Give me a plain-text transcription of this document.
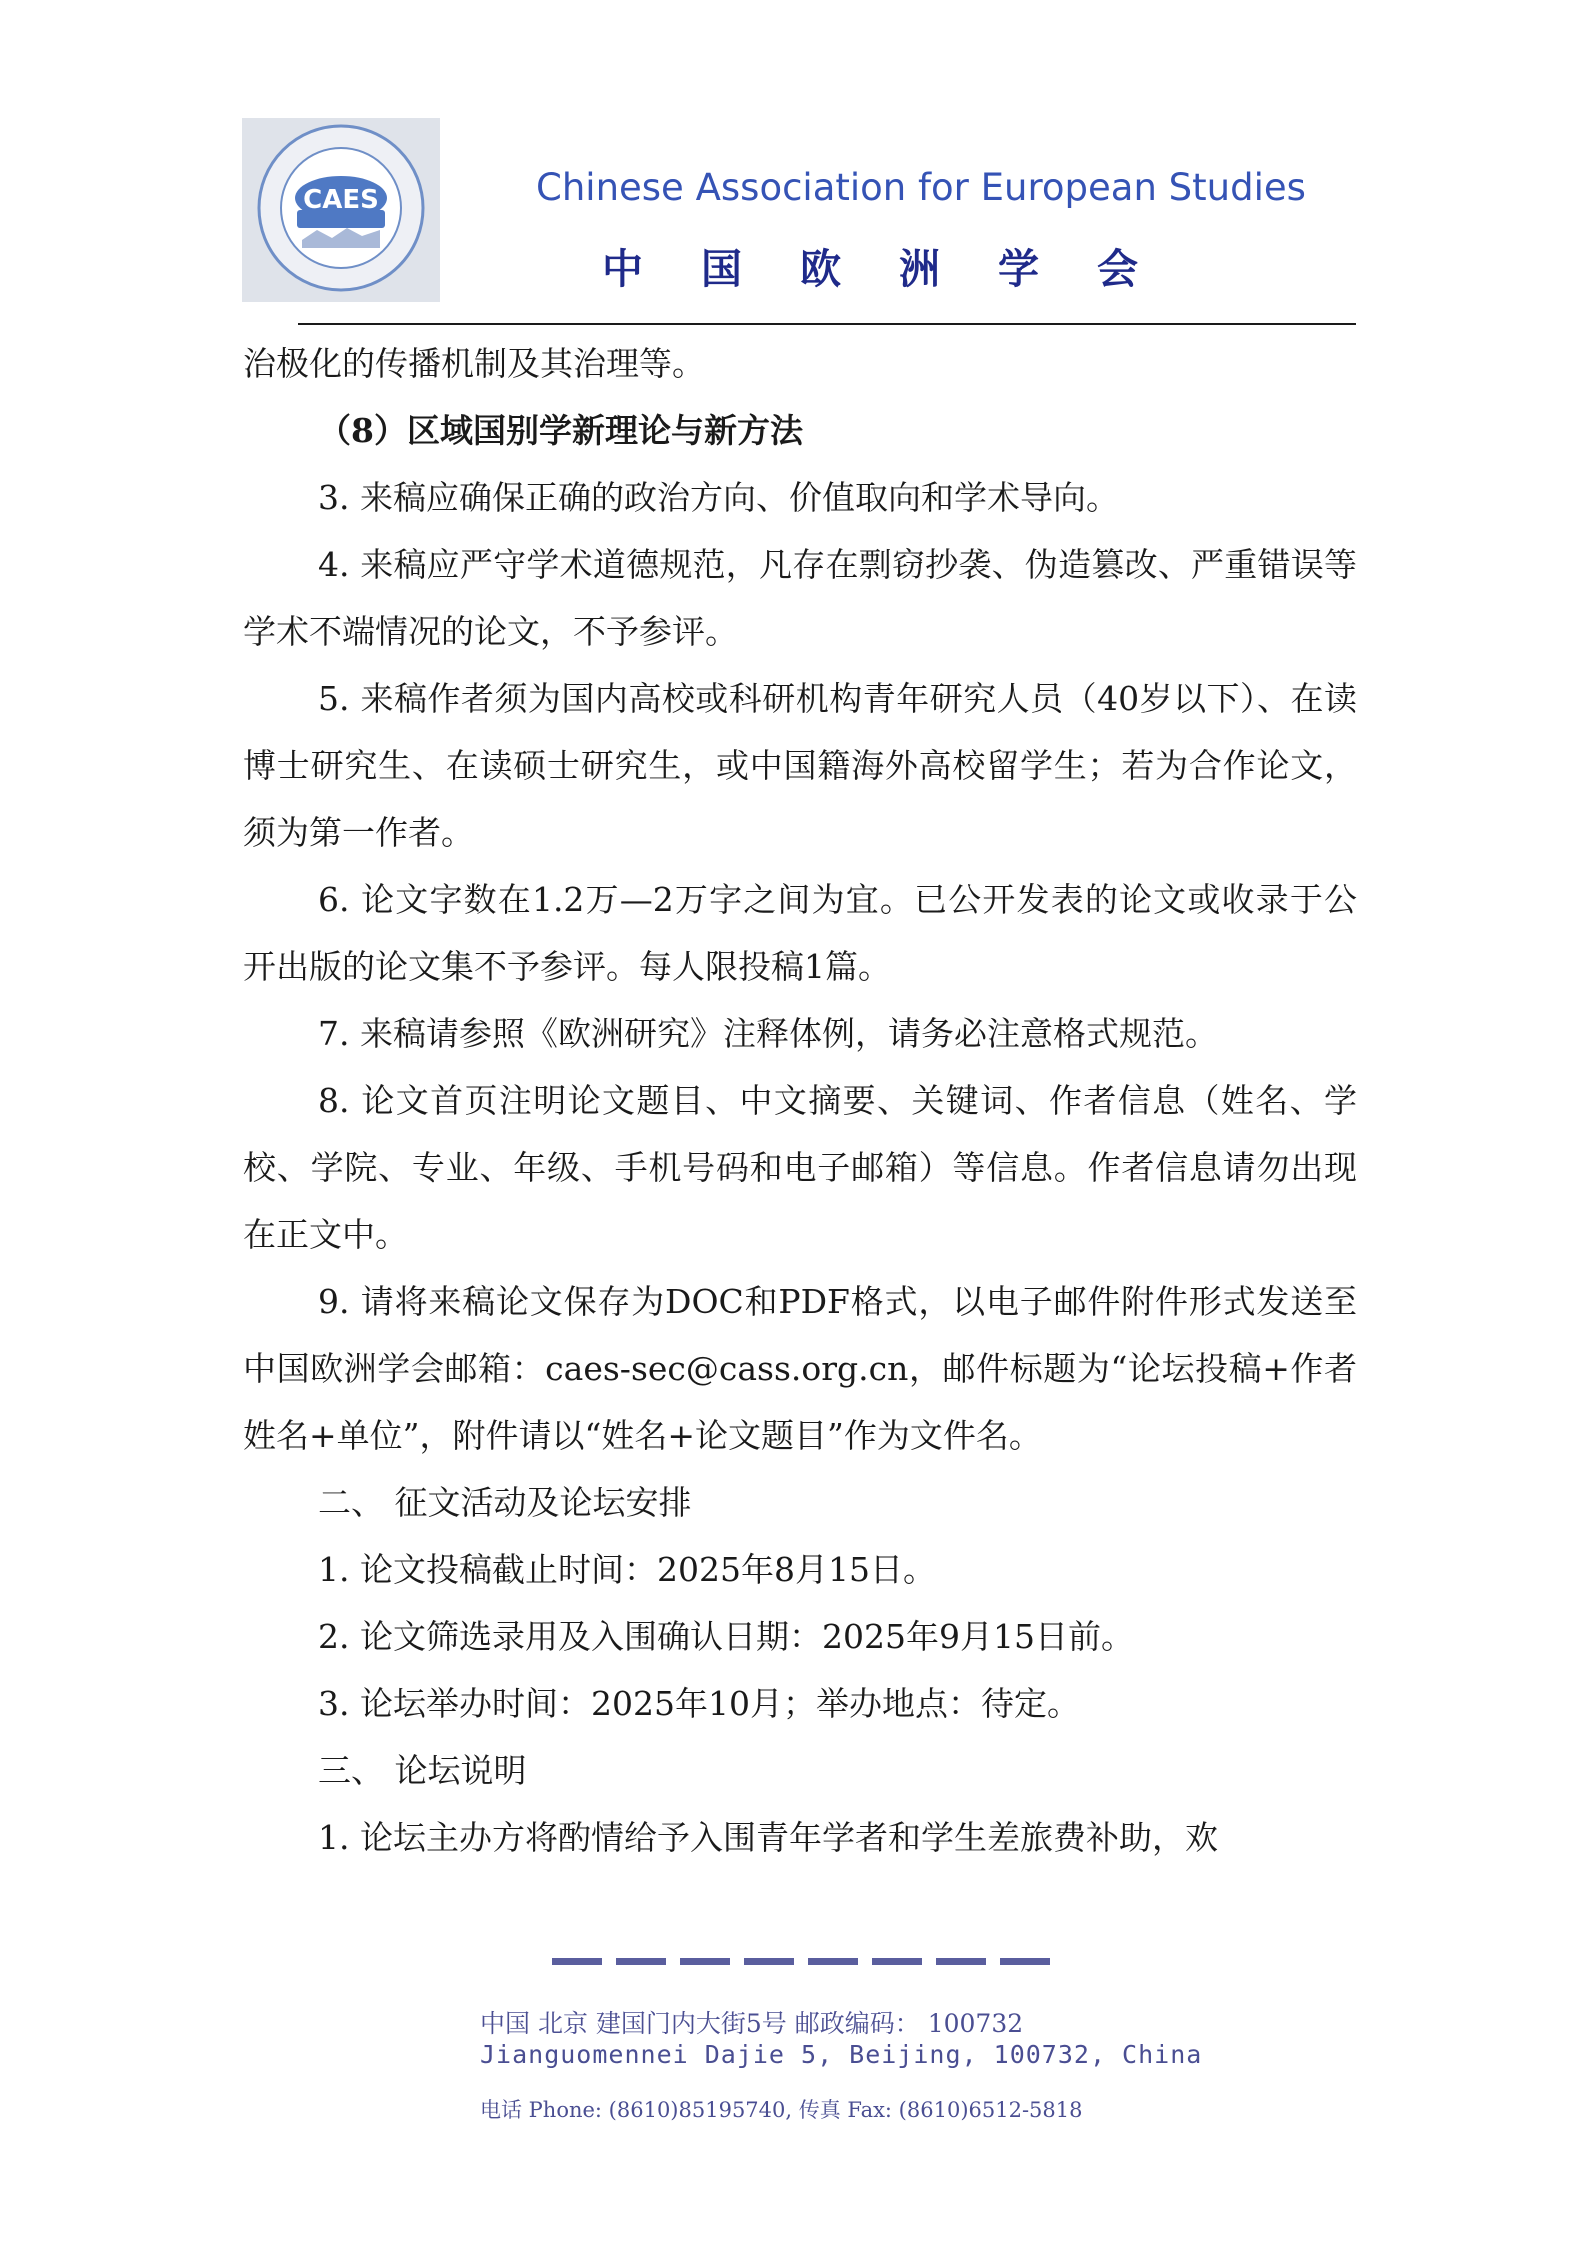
CAES	Chinese Association for European Studies
中国欧洲学会

治极化的传播机制及其治理等。

（8）区域国别学新理论与新方法

3. 来稿应确保正确的政治方向、价值取向和学术导向。

4. 来稿应严守学术道德规范，凡存在剽窃抄袭、伪造篡改、严重错误等学术不端情况的论文，不予参评。

5. 来稿作者须为国内高校或科研机构青年研究人员（40岁以下）、在读博士研究生、在读硕士研究生，或中国籍海外高校留学生；若为合作论文，须为第一作者。

6. 论文字数在1.2万—2万字之间为宜。已公开发表的论文或收录于公开出版的论文集不予参评。每人限投稿1篇。

7. 来稿请参照《欧洲研究》注释体例，请务必注意格式规范。

8. 论文首页注明论文题目、中文摘要、关键词、作者信息（姓名、学校、学院、专业、年级、手机号码和电子邮箱）等信息。作者信息请勿出现在正文中。

9. 请将来稿论文保存为DOC和PDF格式，以电子邮件附件形式发送至中国欧洲学会邮箱：caes-sec@cass.org.cn，邮件标题为“论坛投稿+作者姓名+单位”，附件请以“姓名+论文题目”作为文件名。

二、 征文活动及论坛安排

1. 论文投稿截止时间：2025年8月15日。

2. 论文筛选录用及入围确认日期：2025年9月15日前。

3. 论坛举办时间：2025年10月；举办地点：待定。

三、 论坛说明

1. 论坛主办方将酌情给予入围青年学者和学生差旅费补助，欢

中国 北京 建国门内大街5号 邮政编码： 100732
Jianguomennei Dajie 5, Beijing, 100732, China
电话 Phone: (8610)85195740, 传真 Fax: (8610)6512-5818
